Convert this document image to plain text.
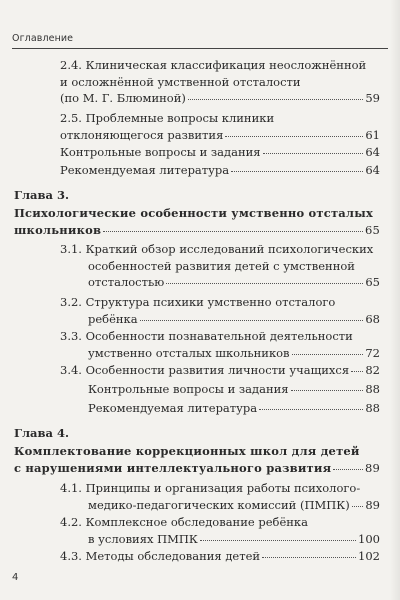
Оглавление
2.4. Клиническая классификация неосложнённой
и осложнённой умственной отсталости
(по М. Г. Блюминой)	59
2.5. Проблемные вопросы клиники
отклоняющегося развития	61
Контрольные вопросы и задания	64
Рекомендуемая литература	64
Глава 3.
Психологические особенности умственно отсталых
школьников	65
3.1. Краткий обзор исследований психологических
особенностей развития детей с умственной
отсталостью	65
3.2. Структура психики умственно отсталого
ребёнка	68
3.3. Особенности познавательной деятельности
умственно отсталых школьников	72
3.4. Особенности развития личности учащихся 82
Контрольные вопросы и задания	88
Рекомендуемая литература	88
Глава 4.
Комплектование коррекционных школ для детей
с нарушениями интеллектуального развития	89
4.1. Принципы и организация работы психолого-
медико-педагогических комиссий (ПМПК) 89
4.2. Комплексное обследование ребёнка
в условиях ПМПК	100
4.3. Методы обследования детей	102
4
